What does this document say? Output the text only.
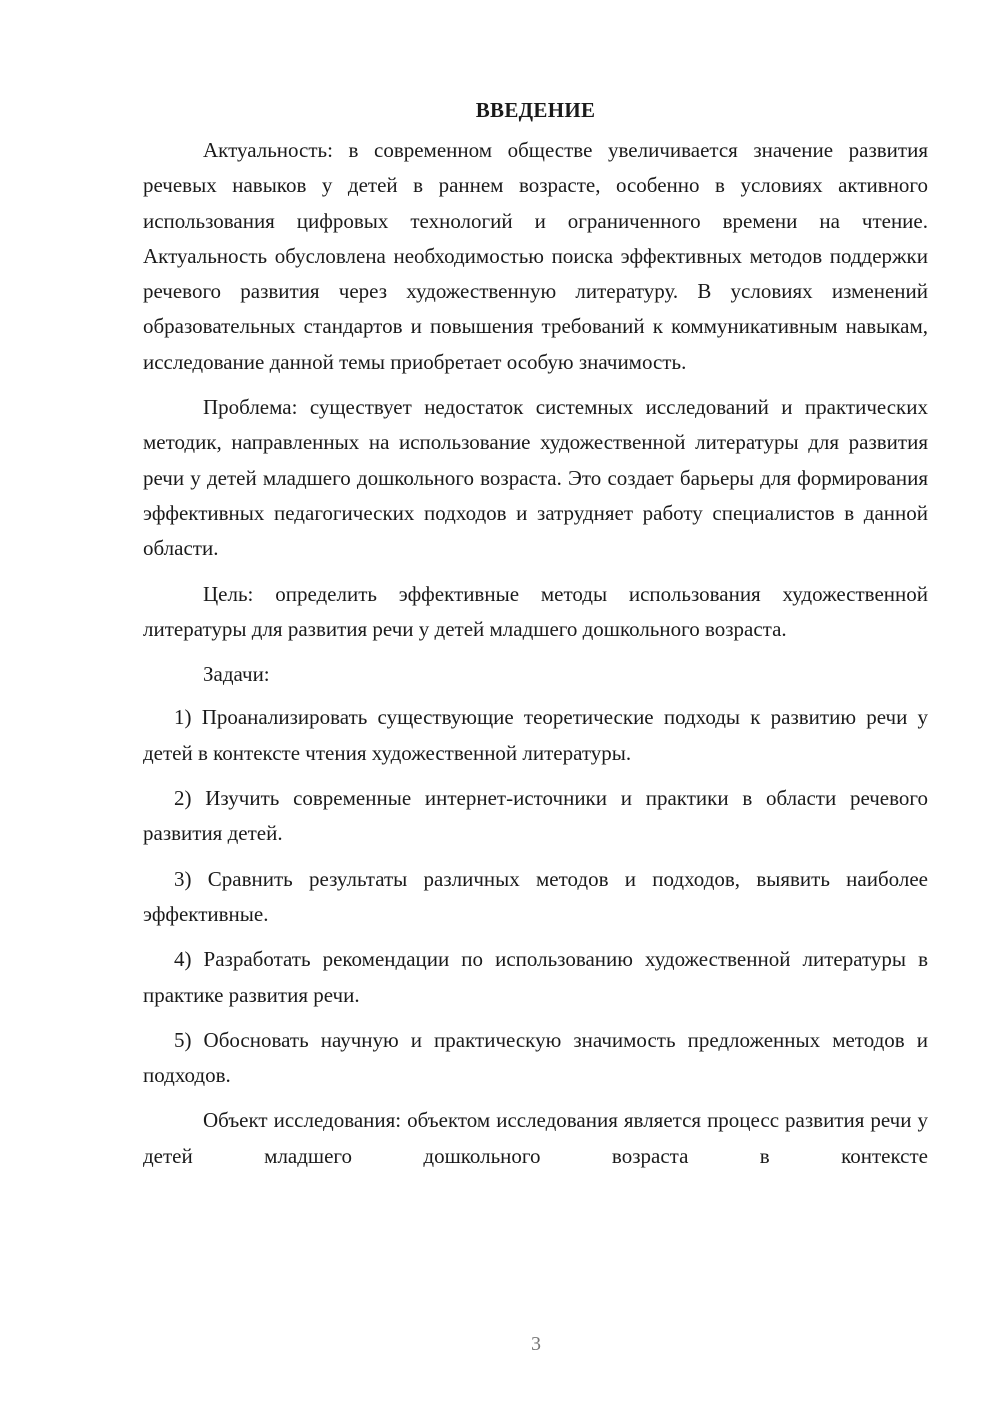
ВВЕДЕНИЕ

Актуальность: в современном обществе увеличивается значение развития речевых навыков у детей в раннем возрасте, особенно в условиях активного использования цифровых технологий и ограниченного времени на чтение. Актуальность обусловлена необходимостью поиска эффективных методов поддержки речевого развития через художественную литературу. В условиях изменений образовательных стандартов и повышения требований к коммуникативным навыкам, исследование данной темы приобретает особую значимость.

Проблема: существует недостаток системных исследований и практических методик, направленных на использование художественной литературы для развития речи у детей младшего дошкольного возраста. Это создает барьеры для формирования эффективных педагогических подходов и затрудняет работу специалистов в данной области.

Цель: определить эффективные методы использования художественной литературы для развития речи у детей младшего дошкольного возраста.

Задачи:

1) Проанализировать существующие теоретические подходы к развитию речи у детей в контексте чтения художественной литературы.

2) Изучить современные интернет-источники и практики в области речевого развития детей.

3) Сравнить результаты различных методов и подходов, выявить наиболее эффективные.

4) Разработать рекомендации по использованию художественной литературы в практике развития речи.

5) Обосновать научную и практическую значимость предложенных методов и подходов.

Объект исследования: объектом исследования является процесс развития речи у детей младшего дошкольного возраста в контексте

3
